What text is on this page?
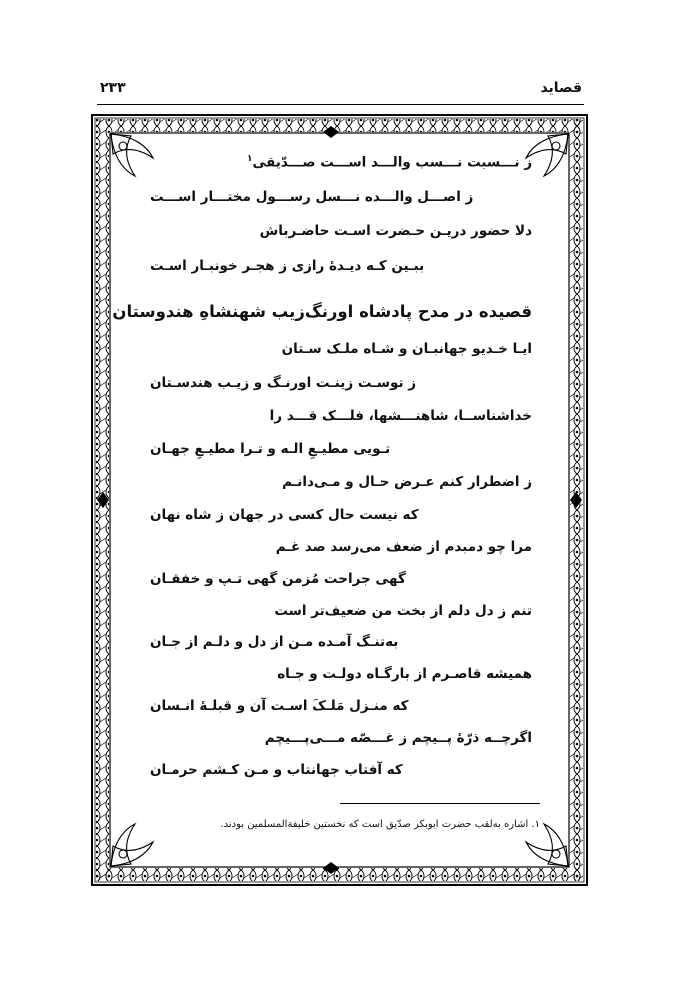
قصاید
۲۳۳
ز نـــسبت نـــسب والـــد اســـت صـــدّیقی$^۱$
ز اصـــل والـــده نـــسل رســـول مختـــار اســـت
دلا حضور دریـن حـضرت اسـت حاضـرباش
ببـین کـه دیـدهٔ رازی ز هجـر خونبـار اسـت
قصیده در مدح پادشاه اورنگ‌زیب شهنشاهِ هندوستان
ایـا خـدیو جهانبـان و شـاه ملـک سـتان
ز توسـت زینـت اورنـگ و زیـب هندسـتان
خداشناســا، شاهنـــشها، فلـــک قـــد را
تـویی مطیـعِ الـه و تـرا مطیـعِ جهـان
ز اضطرار کنم عـرض حـال و مـی‌دانـم
که نیست حال کسی در جهان ز شاه نهان
مرا چو دمبدم از ضعف می‌رسد صد غـم
گهی جراحت مُزمن گهی تـپ و خفقـان
تنم ز دل دلم از بخت من ضعیف‌تر است
به‌تنـگ آمـده مـن از دل و دلـم از جـان
همیشه قاصـرم از بارگـاه دولـت و جـاه
که منـزل مَلـکَ اسـت آن و قبلـهٔ انـسان
اگرچــه ذرّهٔ پــیچم ز غـــصّه مـــی‌پـــیچم
که آفتاب جهانتاب و مـن کـشم حرمـان
۱. اشاره به‌لقب حضرت ابوبکر صدّیق است که نخستین خلیفةالمسلمین بودند.
